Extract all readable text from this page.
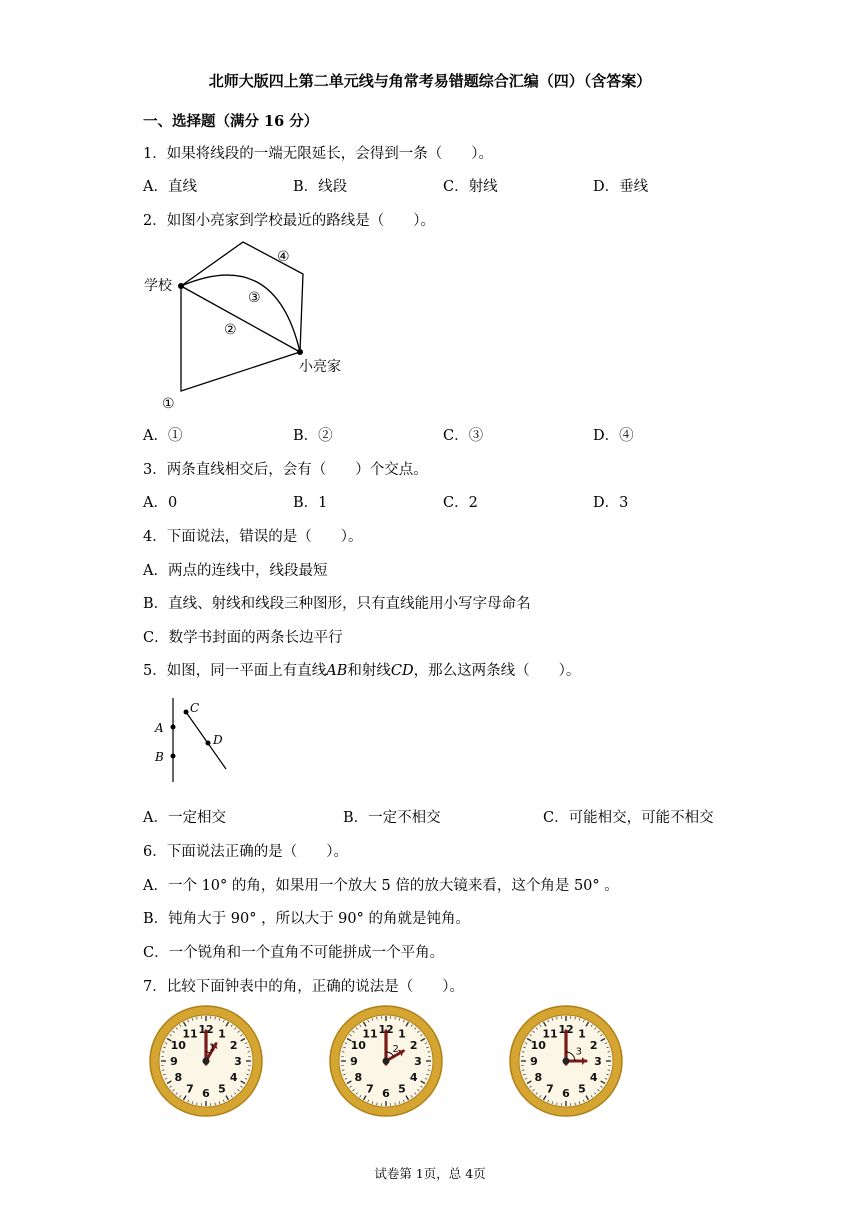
北师大版四上第二单元线与角常考易错题综合汇编（四）（含答案）
一、选择题（满分 16 分）
1．如果将线段的一端无限延长，会得到一条（　　）。
A．直线	B．线段	C．射线	D．垂线
2．如图小亮家到学校最近的路线是（　　）。
学校
小亮家
①
②
③
④
A．①	B．②	C．③	D．④
3．两条直线相交后，会有（　　）个交点。
A．0	B．1	C．2	D．3
4．下面说法，错误的是（　　）。
A．两点的连线中，线段最短
B．直线、射线和线段三种图形，只有直线能用小写字母命名
C．数学书封面的两条长边平行
5．如图，同一平面上有直线AB和射线CD，那么这两条线（　　）。
A
B
C
D
A．一定相交	B．一定不相交	C．可能相交，可能不相交
6．下面说法正确的是（　　）。
A．一个 10° 的角，如果用一个放大 5 倍的放大镜来看，这个角是 50° 。
B．钝角大于 90° ，所以大于 90° 的角就是钝角。
C．一个锐角和一个直角不可能拼成一个平角。
7．比较下面钟表中的角，正确的说法是（　　）。
12 1
2
3
4
5
6
7
8
9
10
11
1
12 1
2
3
4
5
6
7
8
9
10
11
2
12 1
2
3
4
5
6
7
8
9
10
11
3
试卷第 1页，总 4页
